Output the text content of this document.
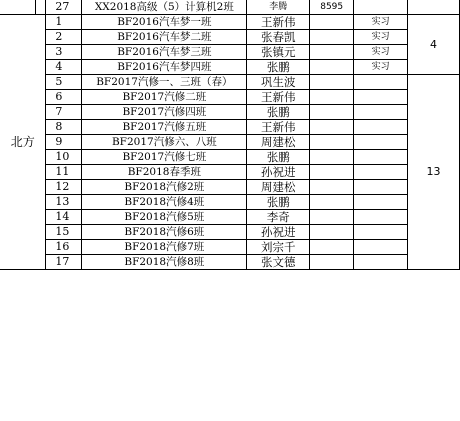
		27	XX2018高级（5）计算机2班	李腾	8595		
北方		1	BF2016汽车梦一班	王新伟		实习	4
		2	BF2016汽车梦二班	张春凯		实习	
		3	BF2016汽车梦三班	张镇元		实习	
		4	BF2016汽车梦四班	张鹏		实习	
		5	BF2017汽修一、三班（春）	巩生波			13
		6	BF2017汽修二班	王新伟			
		7	BF2017汽修四班	张鹏			
		8	BF2017汽修五班	王新伟			
		9	BF2017汽修六、八班	周建松			
		10	BF2017汽修七班	张鹏			
		11	BF2018春季班	孙祝进			
		12	BF2018汽修2班	周建松			
		13	BF2018汽修4班	张鹏			
		14	BF2018汽修5班	李奇			
		15	BF2018汽修6班	孙祝进			
		16	BF2018汽修7班	刘宗千			
		17	BF2018汽修8班	张文德			
